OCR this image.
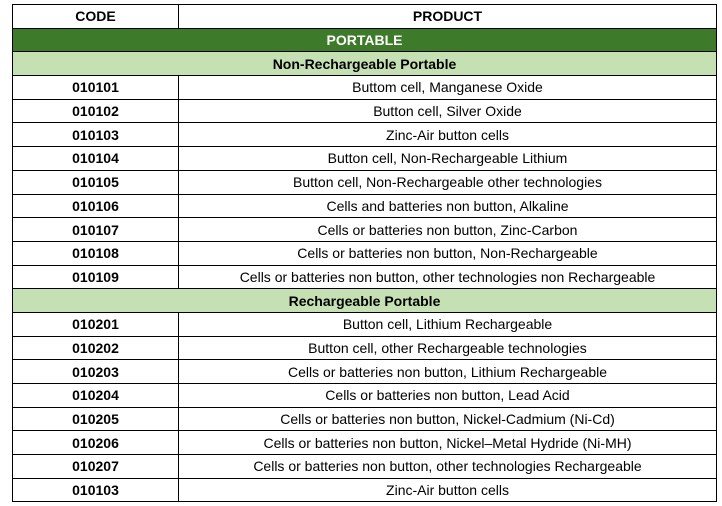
CODE	PRODUCT
PORTABLE	
Non-Rechargeable Portable	
010101	Buttom cell, Manganese Oxide
010102	Button cell, Silver Oxide
010103	Zinc-Air button cells
010104	Button cell, Non-Rechargeable Lithium
010105	Button cell, Non-Rechargeable other technologies
010106	Cells and batteries non button, Alkaline
010107	Cells or batteries non button, Zinc-Carbon
010108	Cells or batteries non button, Non-Rechargeable
010109	Cells or batteries non button, other technologies non Rechargeable
Rechargeable Portable	
010201	Button cell, Lithium Rechargeable
010202	Button cell, other Rechargeable technologies
010203	Cells or batteries non button, Lithium Rechargeable
010204	Cells or batteries non button, Lead Acid
010205	Cells or batteries non button, Nickel-Cadmium (Ni-Cd)
010206	Cells or batteries non button, Nickel–Metal Hydride (Ni-MH)
010207	Cells or batteries non button, other technologies Rechargeable
010103	Zinc-Air button cells
